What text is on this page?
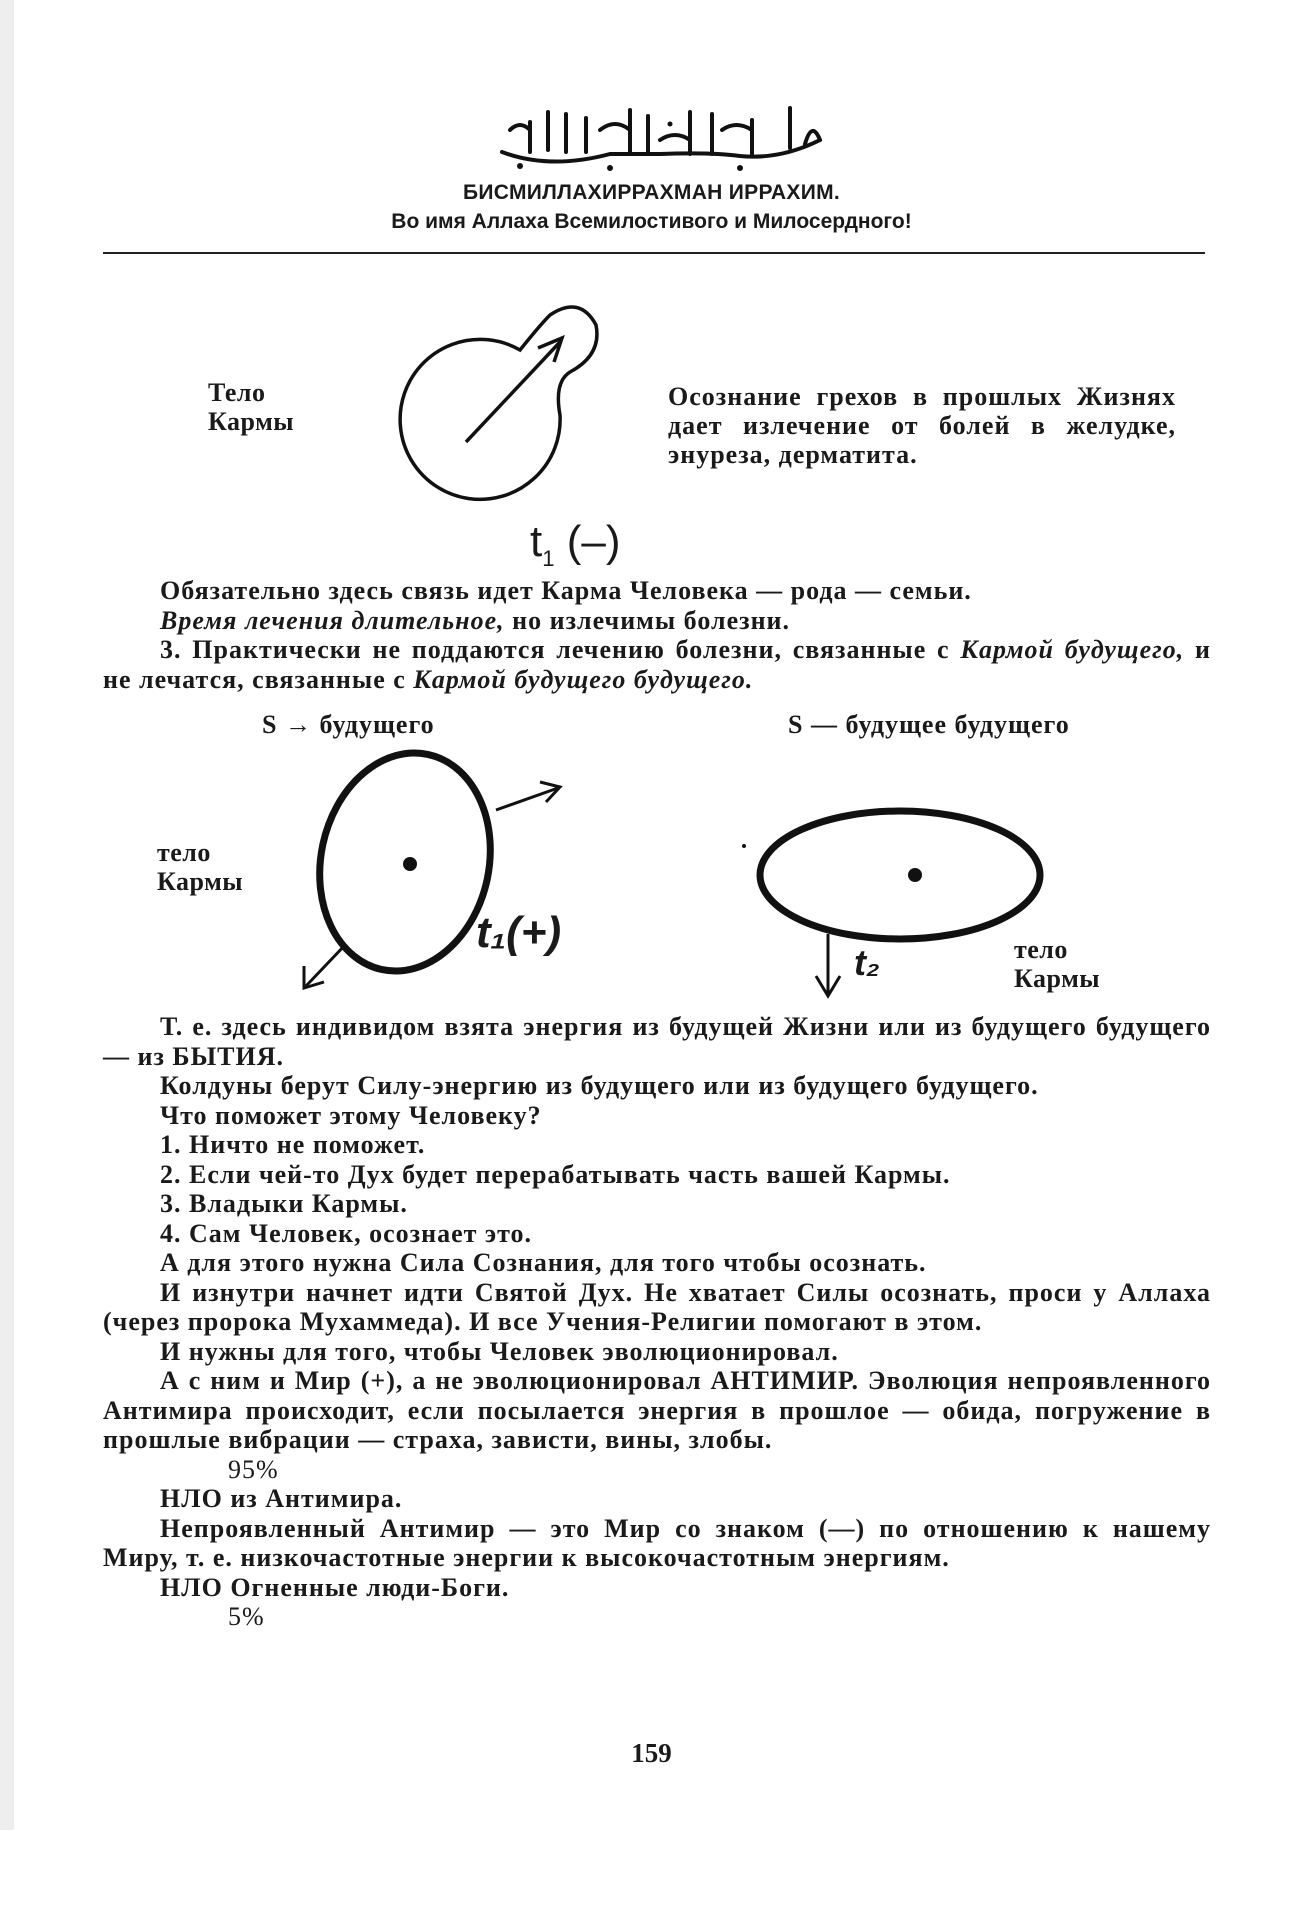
БИСМИЛЛАХИРРАХМАН ИРРАХИМ.
Во имя Аллаха Всемилостивого и Милосердного!
Тело
Кармы
$t_1$ (–)
Осознание грехов в прошлых Жизнях дает излечение от болей в желудке, энуреза, дерматита.

Обязательно здесь связь идет Карма Человека — рода — семьи.

Время лечения длительное, но излечимы болезни.

3. Практически не поддаются лечению болезни, связанные с Кармой будущего, и не лечатся, связанные с Кармой будущего будущего.

S → будущего	S — будущее будущего
тело
Кармы
t₁(+)
t₂	тело
Кармы

Т. е. здесь индивидом взята энергия из будущей Жизни или из будущего будущего — из БЫТИЯ.

Колдуны берут Силу-энергию из будущего или из будущего будущего.

Что поможет этому Человеку?

1. Ничто не поможет.

2. Если чей-то Дух будет перерабатывать часть вашей Кармы.

3. Владыки Кармы.

4. Сам Человек, осознает это.

А для этого нужна Сила Сознания, для того чтобы осознать.

И изнутри начнет идти Святой Дух. Не хватает Силы осознать, проси у Аллаха (через пророка Мухаммеда). И все Учения-Религии помогают в этом.

И нужны для того, чтобы Человек эволюционировал.

А с ним и Мир (+), а не эволюционировал АНТИМИР. Эволюция непроявленного Антимира происходит, если посылается энергия в прошлое — обида, погружение в прошлые вибрации — страха, зависти, вины, злобы.

95%

НЛО из Антимира.

Непроявленный Антимир — это Мир со знаком (—) по отношению к нашему Миру, т. е. низкочастотные энергии к высокочастотным энергиям.

НЛО Огненные люди-Боги.

5%

159
